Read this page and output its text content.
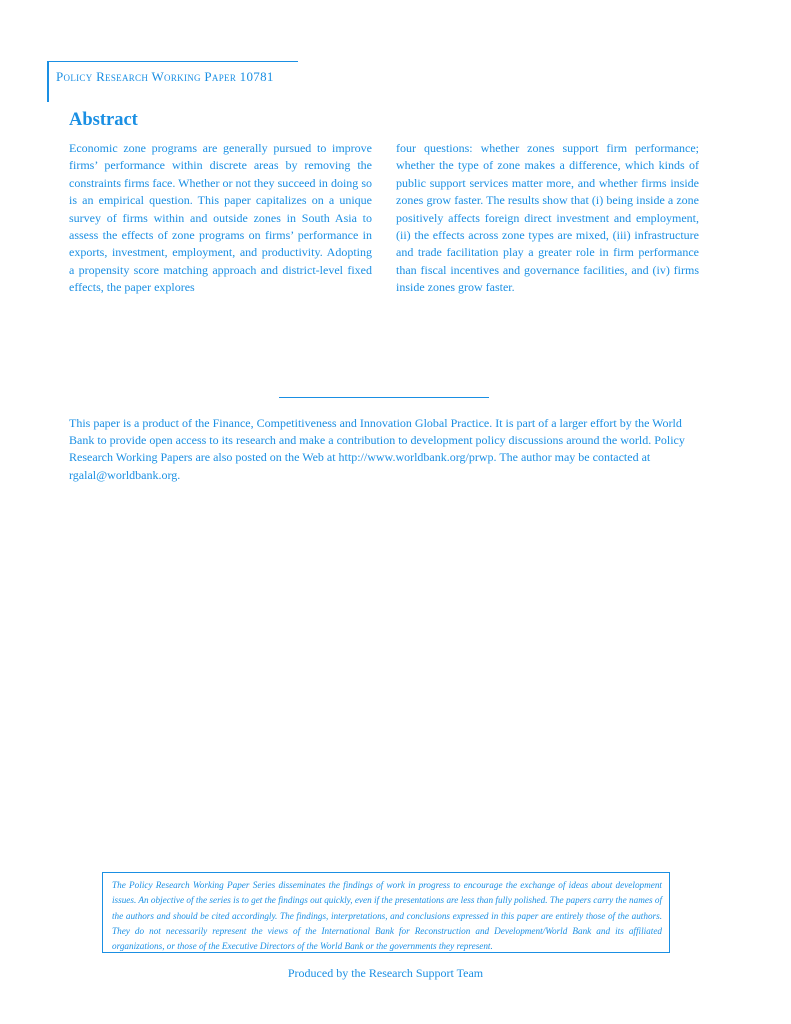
Policy Research Working Paper 10781
Abstract

Economic zone programs are generally pursued to improve firms’ performance within discrete areas by removing the constraints firms face. Whether or not they succeed in doing so is an empirical question. This paper capitalizes on a unique survey of firms within and outside zones in South Asia to assess the effects of zone programs on firms’ performance in exports, investment, employment, and productivity. Adopting a propensity score matching approach and district-level fixed effects, the paper explores

four questions: whether zones support firm performance; whether the type of zone makes a difference, which kinds of public support services matter more, and whether firms inside zones grow faster. The results show that (i) being inside a zone positively affects foreign direct investment and employment, (ii) the effects across zone types are mixed, (iii) infrastructure and trade facilitation play a greater role in firm performance than fiscal incentives and governance facilities, and (iv) firms inside zones grow faster.

This paper is a product of the Finance, Competitiveness and Innovation Global Practice. It is part of a larger effort by the World Bank to provide open access to its research and make a contribution to development policy discussions around the world. Policy Research Working Papers are also posted on the Web at http://www.worldbank.org/prwp. The author may be contacted at rgalal@worldbank.org.

The Policy Research Working Paper Series disseminates the findings of work in progress to encourage the exchange of ideas about development issues. An objective of the series is to get the findings out quickly, even if the presentations are less than fully polished. The papers carry the names of the authors and should be cited accordingly. The findings, interpretations, and conclusions expressed in this paper are entirely those of the authors. They do not necessarily represent the views of the International Bank for Reconstruction and Development/World Bank and its affiliated organizations, or those of the Executive Directors of the World Bank or the governments they represent.

Produced by the Research Support Team
